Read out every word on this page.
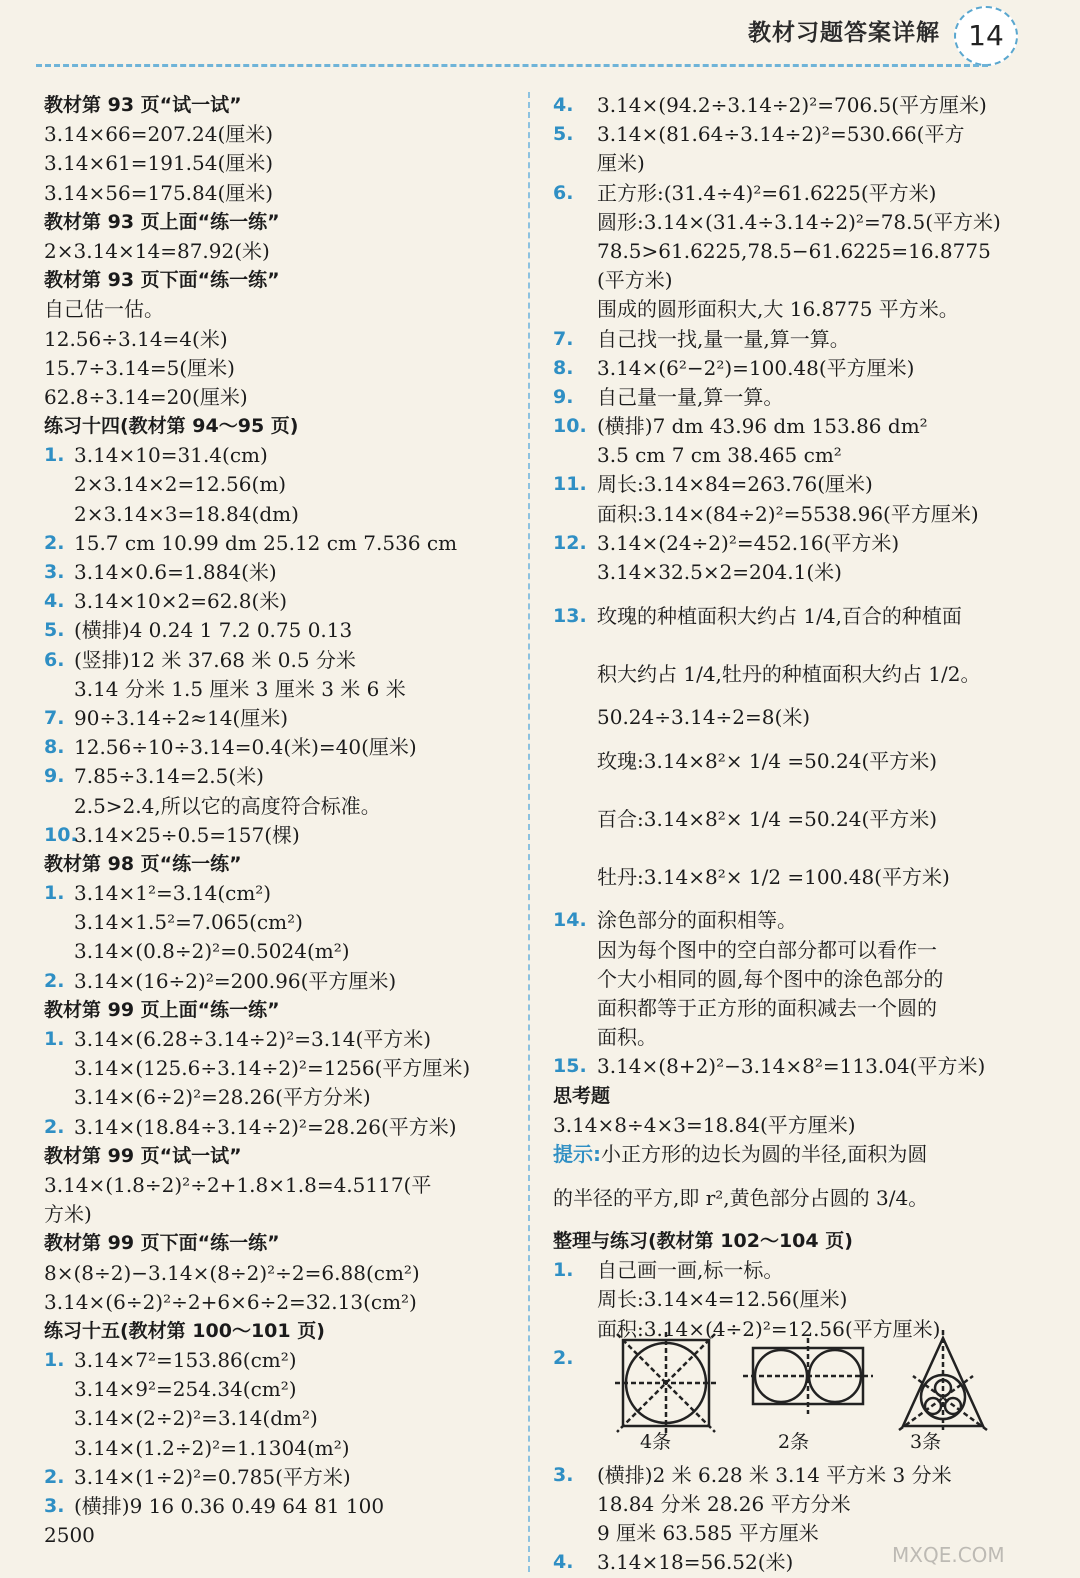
教材习题答案详解	14
教材第 93 页“试一试”
3.14×66=207.24(厘米)
3.14×61=191.54(厘米)
3.14×56=175.84(厘米)
教材第 93 页上面“练一练”
2×3.14×14=87.92(米)
教材第 93 页下面“练一练”
自己估一估。
12.56÷3.14=4(米)
15.7÷3.14=5(厘米)
62.8÷3.14=20(厘米)
练习十四(教材第 94～95 页)
1. 3.14×10=31.4(cm)
2×3.14×2=12.56(m)
2×3.14×3=18.84(dm)
2. 15.7 cm 10.99 dm 25.12 cm 7.536 cm
3. 3.14×0.6=1.884(米)
4. 3.14×10×2=62.8(米)
5. (横排)4 0.24 1 7.2 0.75 0.13
6. (竖排)12 米 37.68 米 0.5 分米
3.14 分米 1.5 厘米 3 厘米 3 米 6 米
7. 90÷3.14÷2≈14(厘米)
8. 12.56÷10÷3.14=0.4(米)=40(厘米)
9. 7.85÷3.14=2.5(米)
2.5>2.4,所以它的高度符合标准。
10.
3.14×25÷0.5=157(棵)
教材第 98 页“练一练”
1. 3.14×1²=3.14(cm²)
3.14×1.5²=7.065(cm²)
3.14×(0.8÷2)²=0.5024(m²)
2. 3.14×(16÷2)²=200.96(平方厘米)
教材第 99 页上面“练一练”
1. 3.14×(6.28÷3.14÷2)²=3.14(平方米)
3.14×(125.6÷3.14÷2)²=1256(平方厘米)
3.14×(6÷2)²=28.26(平方分米)
2. 3.14×(18.84÷3.14÷2)²=28.26(平方米)
教材第 99 页“试一试”
3.14×(1.8÷2)²÷2+1.8×1.8=4.5117(平
方米)
教材第 99 页下面“练一练”
8×(8÷2)−3.14×(8÷2)²÷2=6.88(cm²)
3.14×(6÷2)²÷2+6×6÷2=32.13(cm²)
练习十五(教材第 100～101 页)
1. 3.14×7²=153.86(cm²)
3.14×9²=254.34(cm²)
3.14×(2÷2)²=3.14(dm²)
3.14×(1.2÷2)²=1.1304(m²)
2. 3.14×(1÷2)²=0.785(平方米)
3. (横排)9 16 0.36 0.49 64 81 100
2500
4. 3.14×(94.2÷3.14÷2)²=706.5(平方厘米)
5. 3.14×(81.64÷3.14÷2)²=530.66(平方
厘米)
6. 正方形:(31.4÷4)²=61.6225(平方米)
圆形:3.14×(31.4÷3.14÷2)²=78.5(平方米)
78.5>61.6225,78.5−61.6225=16.8775
(平方米)
围成的圆形面积大,大 16.8775 平方米。
7. 自己找一找,量一量,算一算。
8. 3.14×(6²−2²)=100.48(平方厘米)
9. 自己量一量,算一算。
10. (横排)7 dm 43.96 dm 153.86 dm²
3.5 cm 7 cm 38.465 cm²
11. 周长:3.14×84=263.76(厘米)
面积:3.14×(84÷2)²=5538.96(平方厘米)
12. 3.14×(24÷2)²=452.16(平方米)
3.14×32.5×2=204.1(米)
13. 玫瑰的种植面积大约占 1/4,百合的种植面
积大约占 1/4,牡丹的种植面积大约占 1/2。
50.24÷3.14÷2=8(米)
玫瑰:3.14×8²× 1/4 =50.24(平方米)
百合:3.14×8²× 1/4 =50.24(平方米)
牡丹:3.14×8²× 1/2 =100.48(平方米)
14. 涂色部分的面积相等。
因为每个图中的空白部分都可以看作一
个大小相同的圆,每个图中的涂色部分的
面积都等于正方形的面积减去一个圆的
面积。
15. 3.14×(8+2)²−3.14×8²=113.04(平方米)
思考题
3.14×8÷4×3=18.84(平方厘米)
提示:小正方形的边长为圆的半径,面积为圆
的半径的平方,即 r²,黄色部分占圆的 3/4。
整理与练习(教材第 102～104 页)
1. 自己画一画,标一标。
周长:3.14×4=12.56(厘米)
面积:3.14×(4÷2)²=12.56(平方厘米)
2.
3. (横排)2 米 6.28 米 3.14 平方米 3 分米
18.84 分米 28.26 平方分米
9 厘米 63.585 平方厘米
4. 3.14×18=56.52(米)
4条	2条	3条
MXQE.COM
